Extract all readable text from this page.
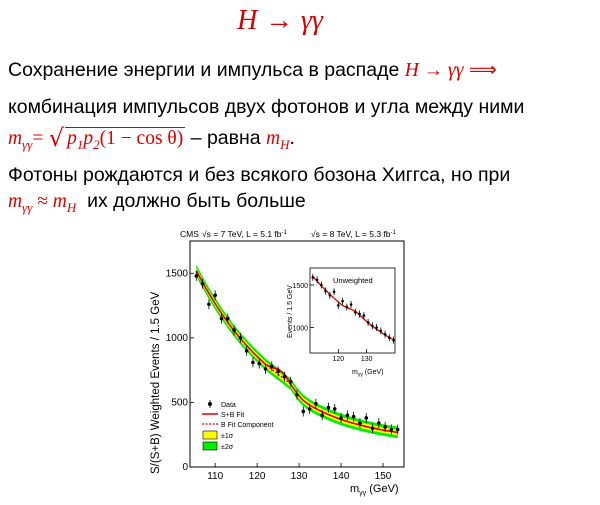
H → γγ
Сохранение энергии и импульса в распаде H → γγ ⟹
комбинация импульсов двух фотонов и угла между ними
$m_{\gamma\gamma}=$ √ $p_1p_2(1 - \cos \theta)$ – равна $m_H$.
Фотоны рождаются и без всякого бозона Хиггса, но при
$m_{\gamma\gamma} \approx m_H$  их должно быть больше
CMS √s = 7 TeV, L = 5.1 $fb^{-1}$	√s = 8 TeV, L = 5.3 $fb^{-1}$
110	120	130	140	150
0
500
1000
1500
$m_{\gamma\gamma}$ (GeV)
S/(S+B) Weighted Events / 1.5 GeV	Data
S+B Fit
B Fit Component
±1σ
±2σ
Unweighted
120 130
1000
1500
Events / 1.5 GeV
$m_{\gamma\gamma}$ (GeV)
